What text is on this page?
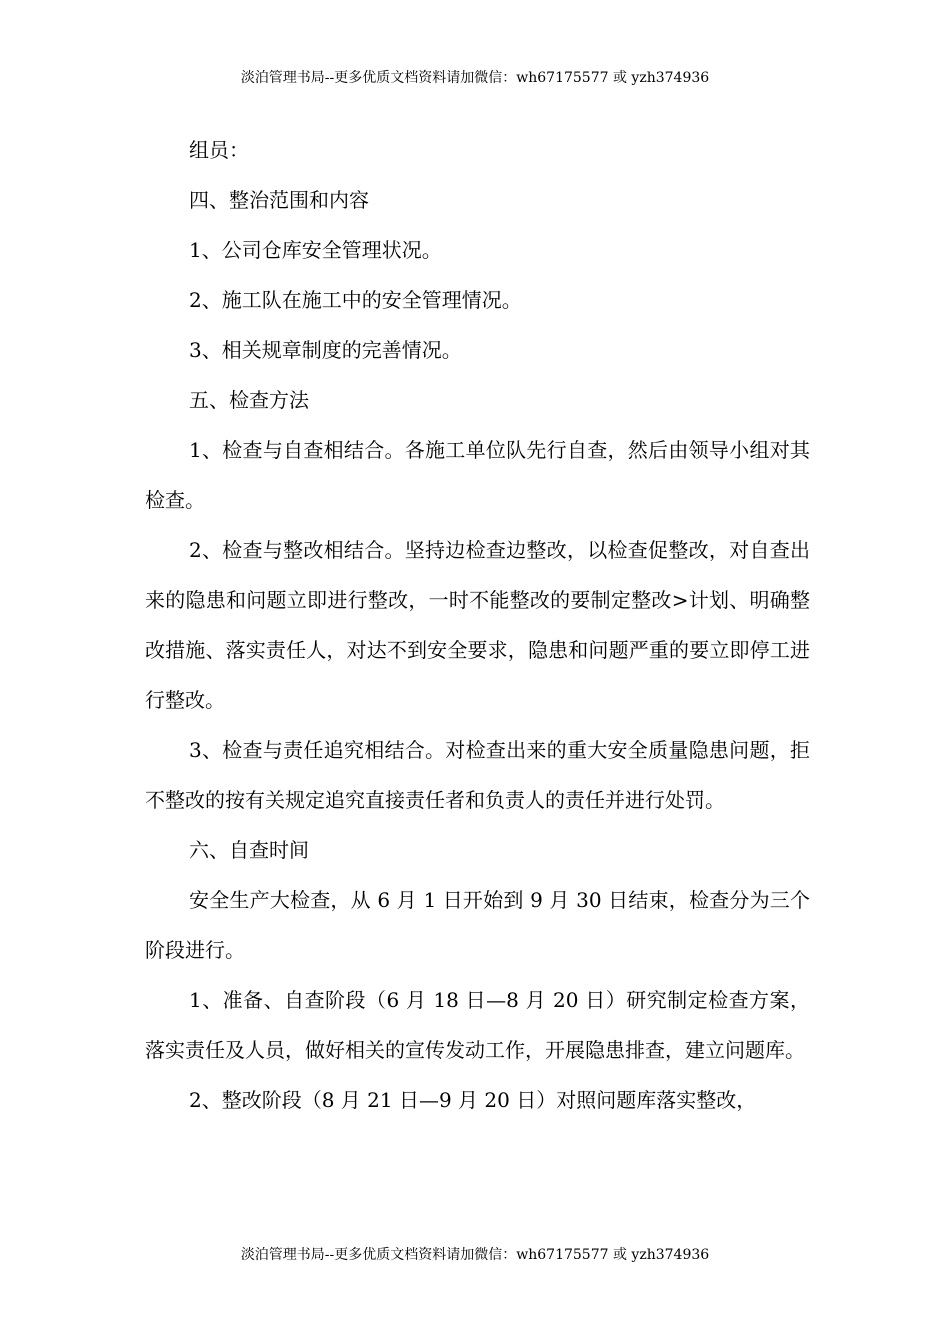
淡泊管理书局--更多优质文档资料请加微信：wh67175577 或 yzh374936

组员：

四、整治范围和内容

1、公司仓库安全管理状况。

2、施工队在施工中的安全管理情况。

3、相关规章制度的完善情况。

五、检查方法

1、检查与自查相结合。各施工单位队先行自查，然后由领导小组对其检查。

2、检查与整改相结合。坚持边检查边整改，以检查促整改，对自查出来的隐患和问题立即进行整改，一时不能整改的要制定整改>计划、明确整改措施、落实责任人，对达不到安全要求，隐患和问题严重的要立即停工进行整改。

3、检查与责任追究相结合。对检查出来的重大安全质量隐患问题，拒不整改的按有关规定追究直接责任者和负责人的责任并进行处罚。

六、自查时间

安全生产大检查，从 6 月 1 日开始到 9 月 30 日结束，检查分为三个阶段进行。

1、准备、自查阶段（6 月 18 日—8 月 20 日）研究制定检查方案，落实责任及人员，做好相关的宣传发动工作，开展隐患排查，建立问题库。

2、整改阶段（8 月 21 日—9 月 20 日）对照问题库落实整改，

淡泊管理书局--更多优质文档资料请加微信：wh67175577 或 yzh374936
